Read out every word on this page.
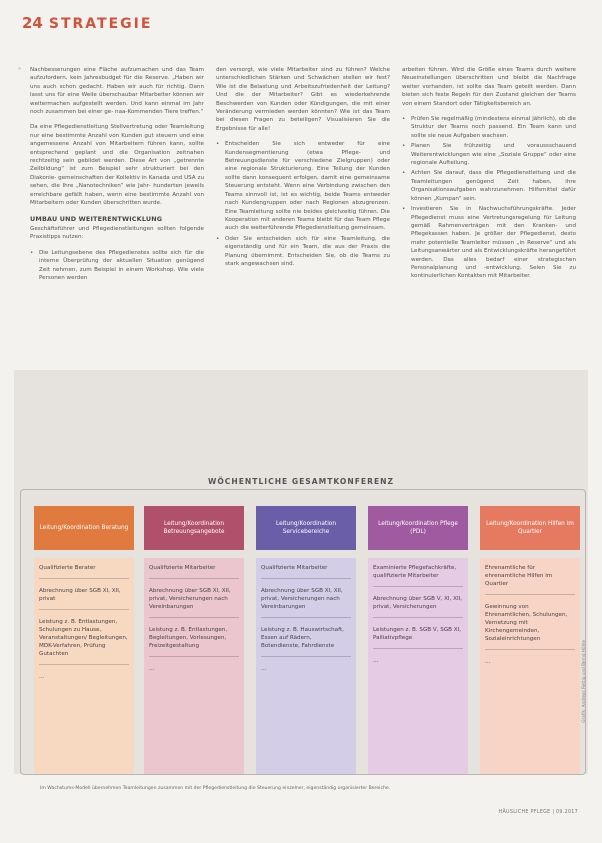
24 STRATEGIE
» Nachbesserungen eine Fläche aufzumachen und das Team aufzufordern, kein Jahresbudget für die Reserve. „Haben wir uns auch schon gedacht. Haben wir auch für richtig. Dann lasst uns für eine Weile überschaubar Mitarbeiter können wir weitermachen aufgestellt werden. Und kann einmal im Jahr noch zusammen bei einer ge- naa-Kommenden Tiere treffen.“

Da eine Pflegedienstleitung Stellvertretung oder Teamleitung nur eine bestimmte Anzahl von Kunden gut steuern und eine angemessene Anzahl von Mitarbeitern führen kann, sollte entsprechend geplant und die Organisation zeitnahen rechtzeitig sein gebildet werden. Diese Art von „getrennte Zellbildung“ ist zum Beispiel sehr strukturiert bei den Diakonie- gemeinschaften der Kollektiv in Kanada und USA zu sehen, die Ihre „Nanotechniken“ wie Jahr- hunderten jeweils erreichbare gefällt haben, wenn eine bestimmte Anzahl von Mitarbeitern oder Kunden überschritten wurde.

UMBAU UND WEITERENTWICKLUNG

Geschäftsführer und Pflegedienstleitungen sollten folgende Praxistipps nutzen:

• Die Leitungsebene des Pflegedienstes sollte sich für die interne Überprüfung der aktuellen Situation genügend Zeit nehmen, zum Beispiel in einem Workshop. Wie viele Personen werden

den versorgt, wie viele Mitarbeiter sind zu führen? Welche unterschiedlichen Stärken und Schwächen stellen wir fest? Wie ist die Belastung und Arbeitszufriedenheit der Leitung? Und die der Mitarbeiter? Gibt es wiederkehrende Beschwerden von Kunden oder Kündigungen, die mit einer Veränderung vermieden werden könnten? Wie ist das Team bei diesen Fragen zu beteiligen? Visualisieren Sie die Ergebnisse für alle!

• Entscheiden Sie sich entweder für eine Kundensegmentierung (etwa Pflege- und Betreuungsdienste für verschiedene Zielgruppen) oder eine regionale Strukturierung. Eine Teilung der Kunden sollte dann konsequent erfolgen, damit eine gemeinsame Steuerung entsteht. Wenn eine Verbindung zwischen den Teams sinnvoll ist, ist es wichtig, beide Teams entweder nach Kundengruppen oder nach Regionen abzugrenzen. Eine Teamleitung sollte nie beides gleichzeitig führen. Die Kooperation mit anderen Teams bleibt für das Team Pflege auch die weiterführende Pflegedienstleitung gemeinsam.
• Oder Sie entscheiden sich für eine Teamleitung, die eigenständig und für ein Team, die aus der Praxis die Planung übernimmt. Entscheiden Sie, ob die Teams zu stark angewachsen sind.

arbeiten führen. Wird die Größe eines Teams durch weitere Neueinstellungen überschritten und bleibt die Nachfrage weiter vorhanden, ist sollte das Team geteilt werden. Dann bieten sich feste Regeln für den Zustand gleichen der Teams von einem Standort oder Tätigkeitsbereich an.

• Prüfen Sie regelmäßig (mindestens einmal jährlich), ob die Struktur der Teams noch passend. Ein Team kann und sollte sie neue Aufgaben wachsen.
• Planen Sie frühzeitig und voraussschauend Weiterentwicklungen wie eine „Soziale Gruppe“ oder eine regionale Aufteilung.
• Achten Sie darauf, dass die Pflegedienstleitung und die Teamleitungen genügend Zeit haben, ihre Organisationsaufgaben wahrzunehmen. Hilfsmittel dafür können „Kumpan“ sein.
• Investieren Sie in Nachwuchsführungskräfte. Jeder Pflegedienst muss eine Vertretungsregelung für Leitung gemäß Rahmenverträgen mit den Kranken- und Pflegekassen haben. Je größer der Pflegedienst, desto mehr potentielle Teamleiter müssen „in Reserve“ und als Leitungsanwärter und als Entwicklungskräfte herangeführt werden. Das alles bedarf einer strategischen Personalplanung und -entwicklung. Selen Sie zu kontinuierlichen Kontakten mit Mitarbeiter.
WÖCHENTLICHE GESAMTKONFERENZ
Leitung/Koordination Beratung
Qualifizierte Berater
Abrechnung über SGB XI, XII, privat
Leistung z. B. Entlastungen, Schulungen zu Hause, Veranstaltungen/ Begleitungen, MDK-Verfahren, Prüfung Gutachten
…
Leitung/Koordination Betreuungsangebote
Qualifizierte Mitarbeiter
Abrechnung über SGB XI, XII, privat, Versicherungen nach Vereinbarungen
Leistung z. B. Entlastungen, Begleitungen, Vorlesungen, Freizeitgestaltung
…
Leitung/Koordination Servicebereiche
Qualifizierte Mitarbeiter
Abrechnung über SGB XI, XII, privat, Versicherungen nach Vereinbarungen
Leistung z. B. Hauswirtschaft, Essen auf Rädern, Botendienste, Fahrdienste
…
Leitung/Koordination Pflege (PDL)
Examinierte Pflegefachkräfte, qualifizierte Mitarbeiter
Abrechnung über SGB V, XI, XII, privat, Versicherungen
Leistungen z. B. SGB V, SGB XI, Palliativpflege
…
Leitung/Koordination Hilfen im Quartier
Ehrenamtliche für ehrenamtliche Hilfen im Quartier
Gewinnung von Ehrenamtlichen, Schulungen, Vernetzung mit Kirchengemeinden, Sozialeinrichtungen
…
Im Wachstums-Modell übernehmen Teamleitungen zusammen mit der Pflegedienstleitung die Steuerung einzelner, eigenständig organisierter Bereiche.
Grafik: Andreas Rettig und Bernd Höhle
HÄUSLICHE PFLEGE | 09.2017
